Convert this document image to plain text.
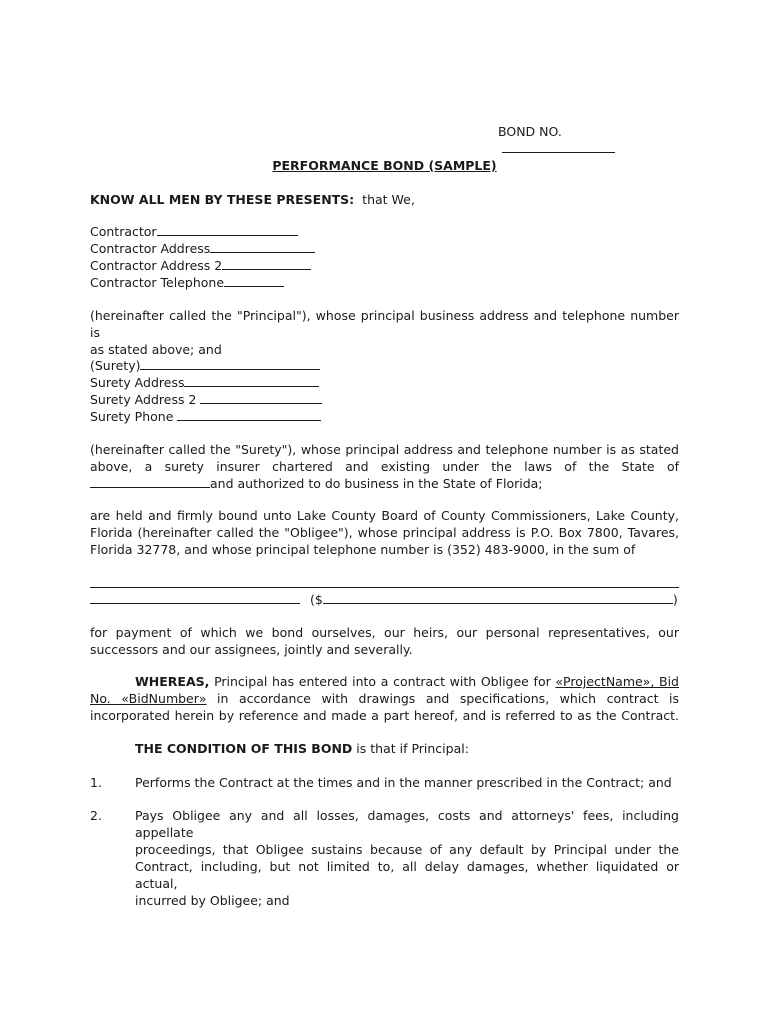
BOND NO.
PERFORMANCE BOND (SAMPLE)
KNOW ALL MEN BY THESE PRESENTS: that We,
Contractor
Contractor Address
Contractor Address 2
Contractor Telephone
(hereinafter called the "Principal"), whose principal business address and telephone number is
as stated above; and
(Surety)
Surety Address
Surety Address 2
Surety Phone
(hereinafter called the "Surety"), whose principal address and telephone number is as stated
above, a surety insurer chartered and existing under the laws of the State of
and authorized to do business in the State of Florida;
are held and firmly bound unto Lake County Board of County Commissioners, Lake County,
Florida (hereinafter called the "Obligee"), whose principal address is P.O. Box 7800, Tavares,
Florida 32778, and whose principal telephone number is (352) 483-9000, in the sum of
($	)
for payment of which we bond ourselves, our heirs, our personal representatives, our
successors and our assignees, jointly and severally.
WHEREAS, Principal has entered into a contract with Obligee for «ProjectName», Bid
No. «BidNumber» in accordance with drawings and specifications, which contract is
incorporated herein by reference and made a part hereof, and is referred to as the Contract.
THE CONDITION OF THIS BOND is that if Principal:
1.	Performs the Contract at the times and in the manner prescribed in the Contract; and
2.	Pays Obligee any and all losses, damages, costs and attorneys' fees, including appellate
proceedings, that Obligee sustains because of any default by Principal under the
Contract, including, but not limited to, all delay damages, whether liquidated or actual,
incurred by Obligee; and
